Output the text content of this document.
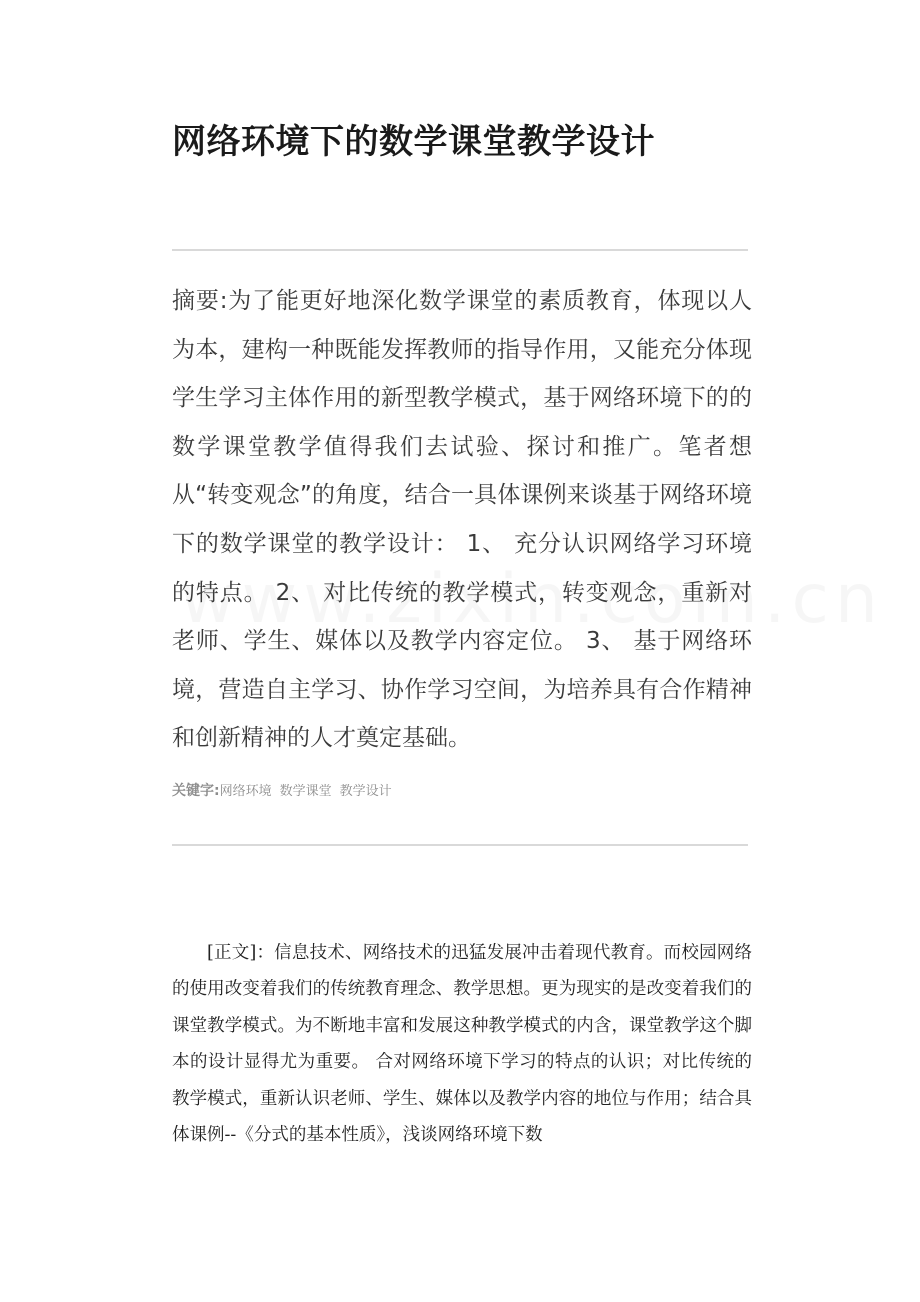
网络环境下的数学课堂教学设计

摘要:为了能更好地深化数学课堂的素质教育，体现以人为本，建构一种既能发挥教师的指导作用，又能充分体现学生学习主体作用的新型教学模式，基于网络环境下的的数学课堂教学值得我们去试验、探讨和推广。笔者想从“转变观念”的角度，结合一具体课例来谈基于网络环境下的数学课堂的教学设计： 1、 充分认识网络学习环境的特点。 2、 对比传统的教学模式，转变观念，重新对老师、学生、媒体以及教学内容定位。 3、 基于网络环境，营造自主学习、协作学习空间，为培养具有合作精神和创新精神的人才奠定基础。

关键字:网络环境 数学课堂 教学设计

[正文]：信息技术、网络技术的迅猛发展冲击着现代教育。而校园网络的使用改变着我们的传统教育理念、教学思想。更为现实的是改变着我们的课堂教学模式。为不断地丰富和发展这种教学模式的内含，课堂教学这个脚本的设计显得尤为重要。 合对网络环境下学习的特点的认识；对比传统的教学模式，重新认识老师、学生、媒体以及教学内容的地位与作用；结合具体课例--《分式的基本性质》，浅谈网络环境下数
